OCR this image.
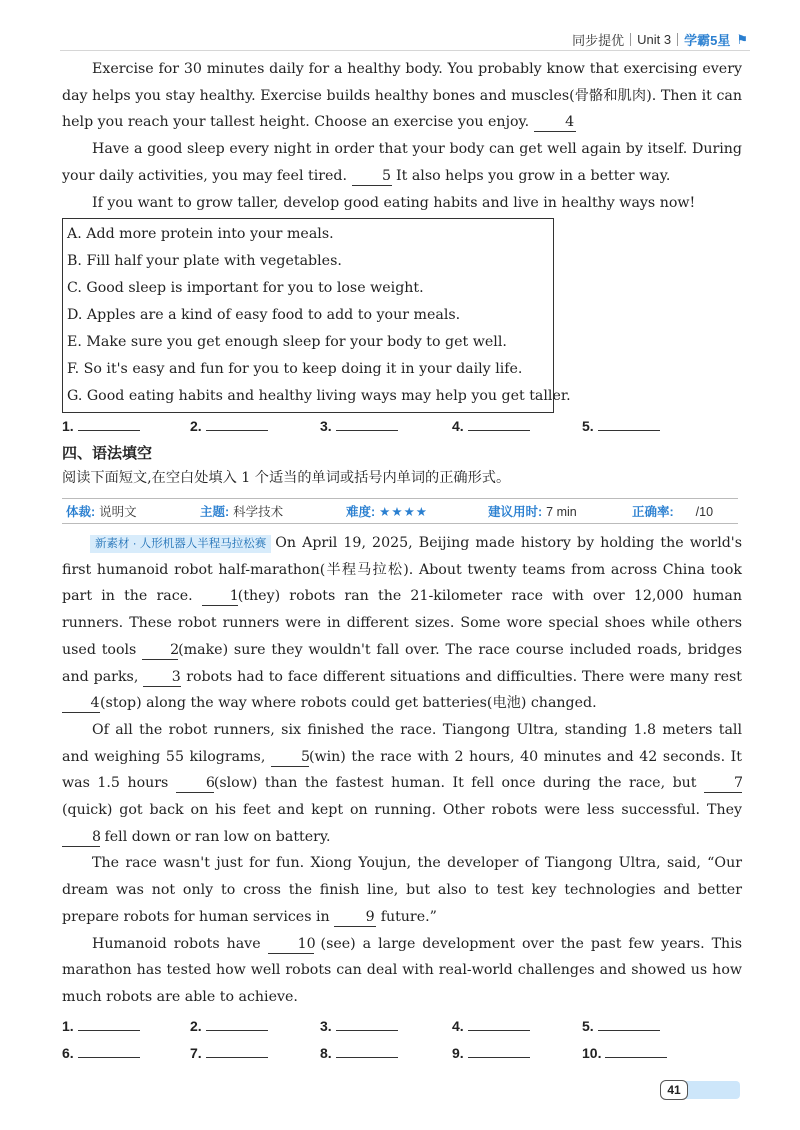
同步提优 Unit 3 学霸5星 ⚑

Exercise for 30 minutes daily for a healthy body. You probably know that exercising every day helps you stay healthy. Exercise builds healthy bones and muscles(骨骼和肌肉). Then it can help you reach your tallest height. Choose an exercise you enjoy. 4

Have a good sleep every night in order that your body can get well again by itself. During your daily activities, you may feel tired. 5 It also helps you grow in a better way.

If you want to grow taller, develop good eating habits and live in healthy ways now!

A. Add more protein into your meals.
B. Fill half your plate with vegetables.
C. Good sleep is important for you to lose weight.
D. Apples are a kind of easy food to add to your meals.
E. Make sure you get enough sleep for your body to get well.
F. So it's easy and fun for you to keep doing it in your daily life.
G. Good eating habits and healthy living ways may help you get taller.
1.	2.	3.	4.	5.
四、语法填空
阅读下面短文,在空白处填入 1 个适当的单词或括号内单词的正确形式。
体裁: 说明文	主题: 科学技术	难度: ★★★★	建议用时: 7 min	正确率: /10

新素材 · 人形机器人半程马拉松赛 On April 19, 2025, Beijing made history by holding the world's first humanoid robot half-marathon(半程马拉松). About twenty teams from across China took part in the race. 1(they) robots ran the 21-kilometer race with over 12,000 human runners. These robot runners were in different sizes. Some wore special shoes while others used tools 2(make) sure they wouldn't fall over. The race course included roads, bridges and parks, 3 robots had to face different situations and difficulties. There were many rest 4(stop) along the way where robots could get batteries(电池) changed.

Of all the robot runners, six finished the race. Tiangong Ultra, standing 1.8 meters tall and weighing 55 kilograms, 5(win) the race with 2 hours, 40 minutes and 42 seconds. It was 1.5 hours 6(slow) than the fastest human. It fell once during the race, but 7(quick) got back on his feet and kept on running. Other robots were less successful. They 8 fell down or ran low on battery.

The race wasn't just for fun. Xiong Youjun, the developer of Tiangong Ultra, said, “Our dream was not only to cross the finish line, but also to test key technologies and better prepare robots for human services in 9 future.”

Humanoid robots have 10 (see) a large development over the past few years. This marathon has tested how well robots can deal with real-world challenges and showed us how much robots are able to achieve.

1.	2.	3.	4.	5.
6.	7.	8.	9.	10.
41
